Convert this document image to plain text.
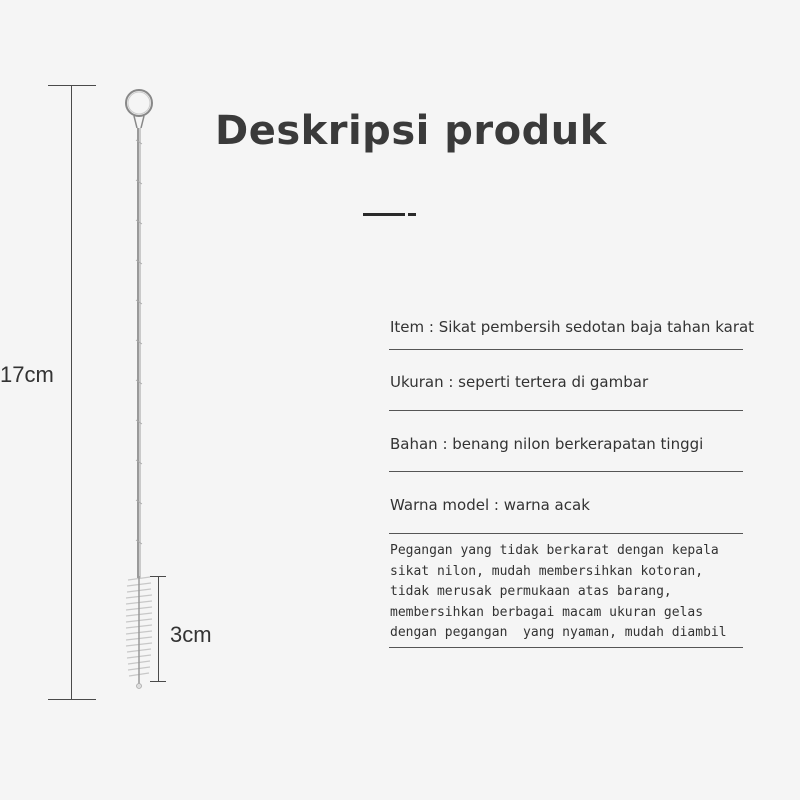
17cm
3cm
Deskripsi produk
Item : Sikat pembersih sedotan baja tahan karat
Ukuran : seperti tertera di gambar
Bahan : benang nilon berkerapatan tinggi
Warna model : warna acak
Pegangan yang tidak berkarat dengan kepala
sikat nilon, mudah membersihkan kotoran,
tidak merusak permukaan atas barang,
membersihkan berbagai macam ukuran gelas
dengan pegangan  yang nyaman, mudah diambil
